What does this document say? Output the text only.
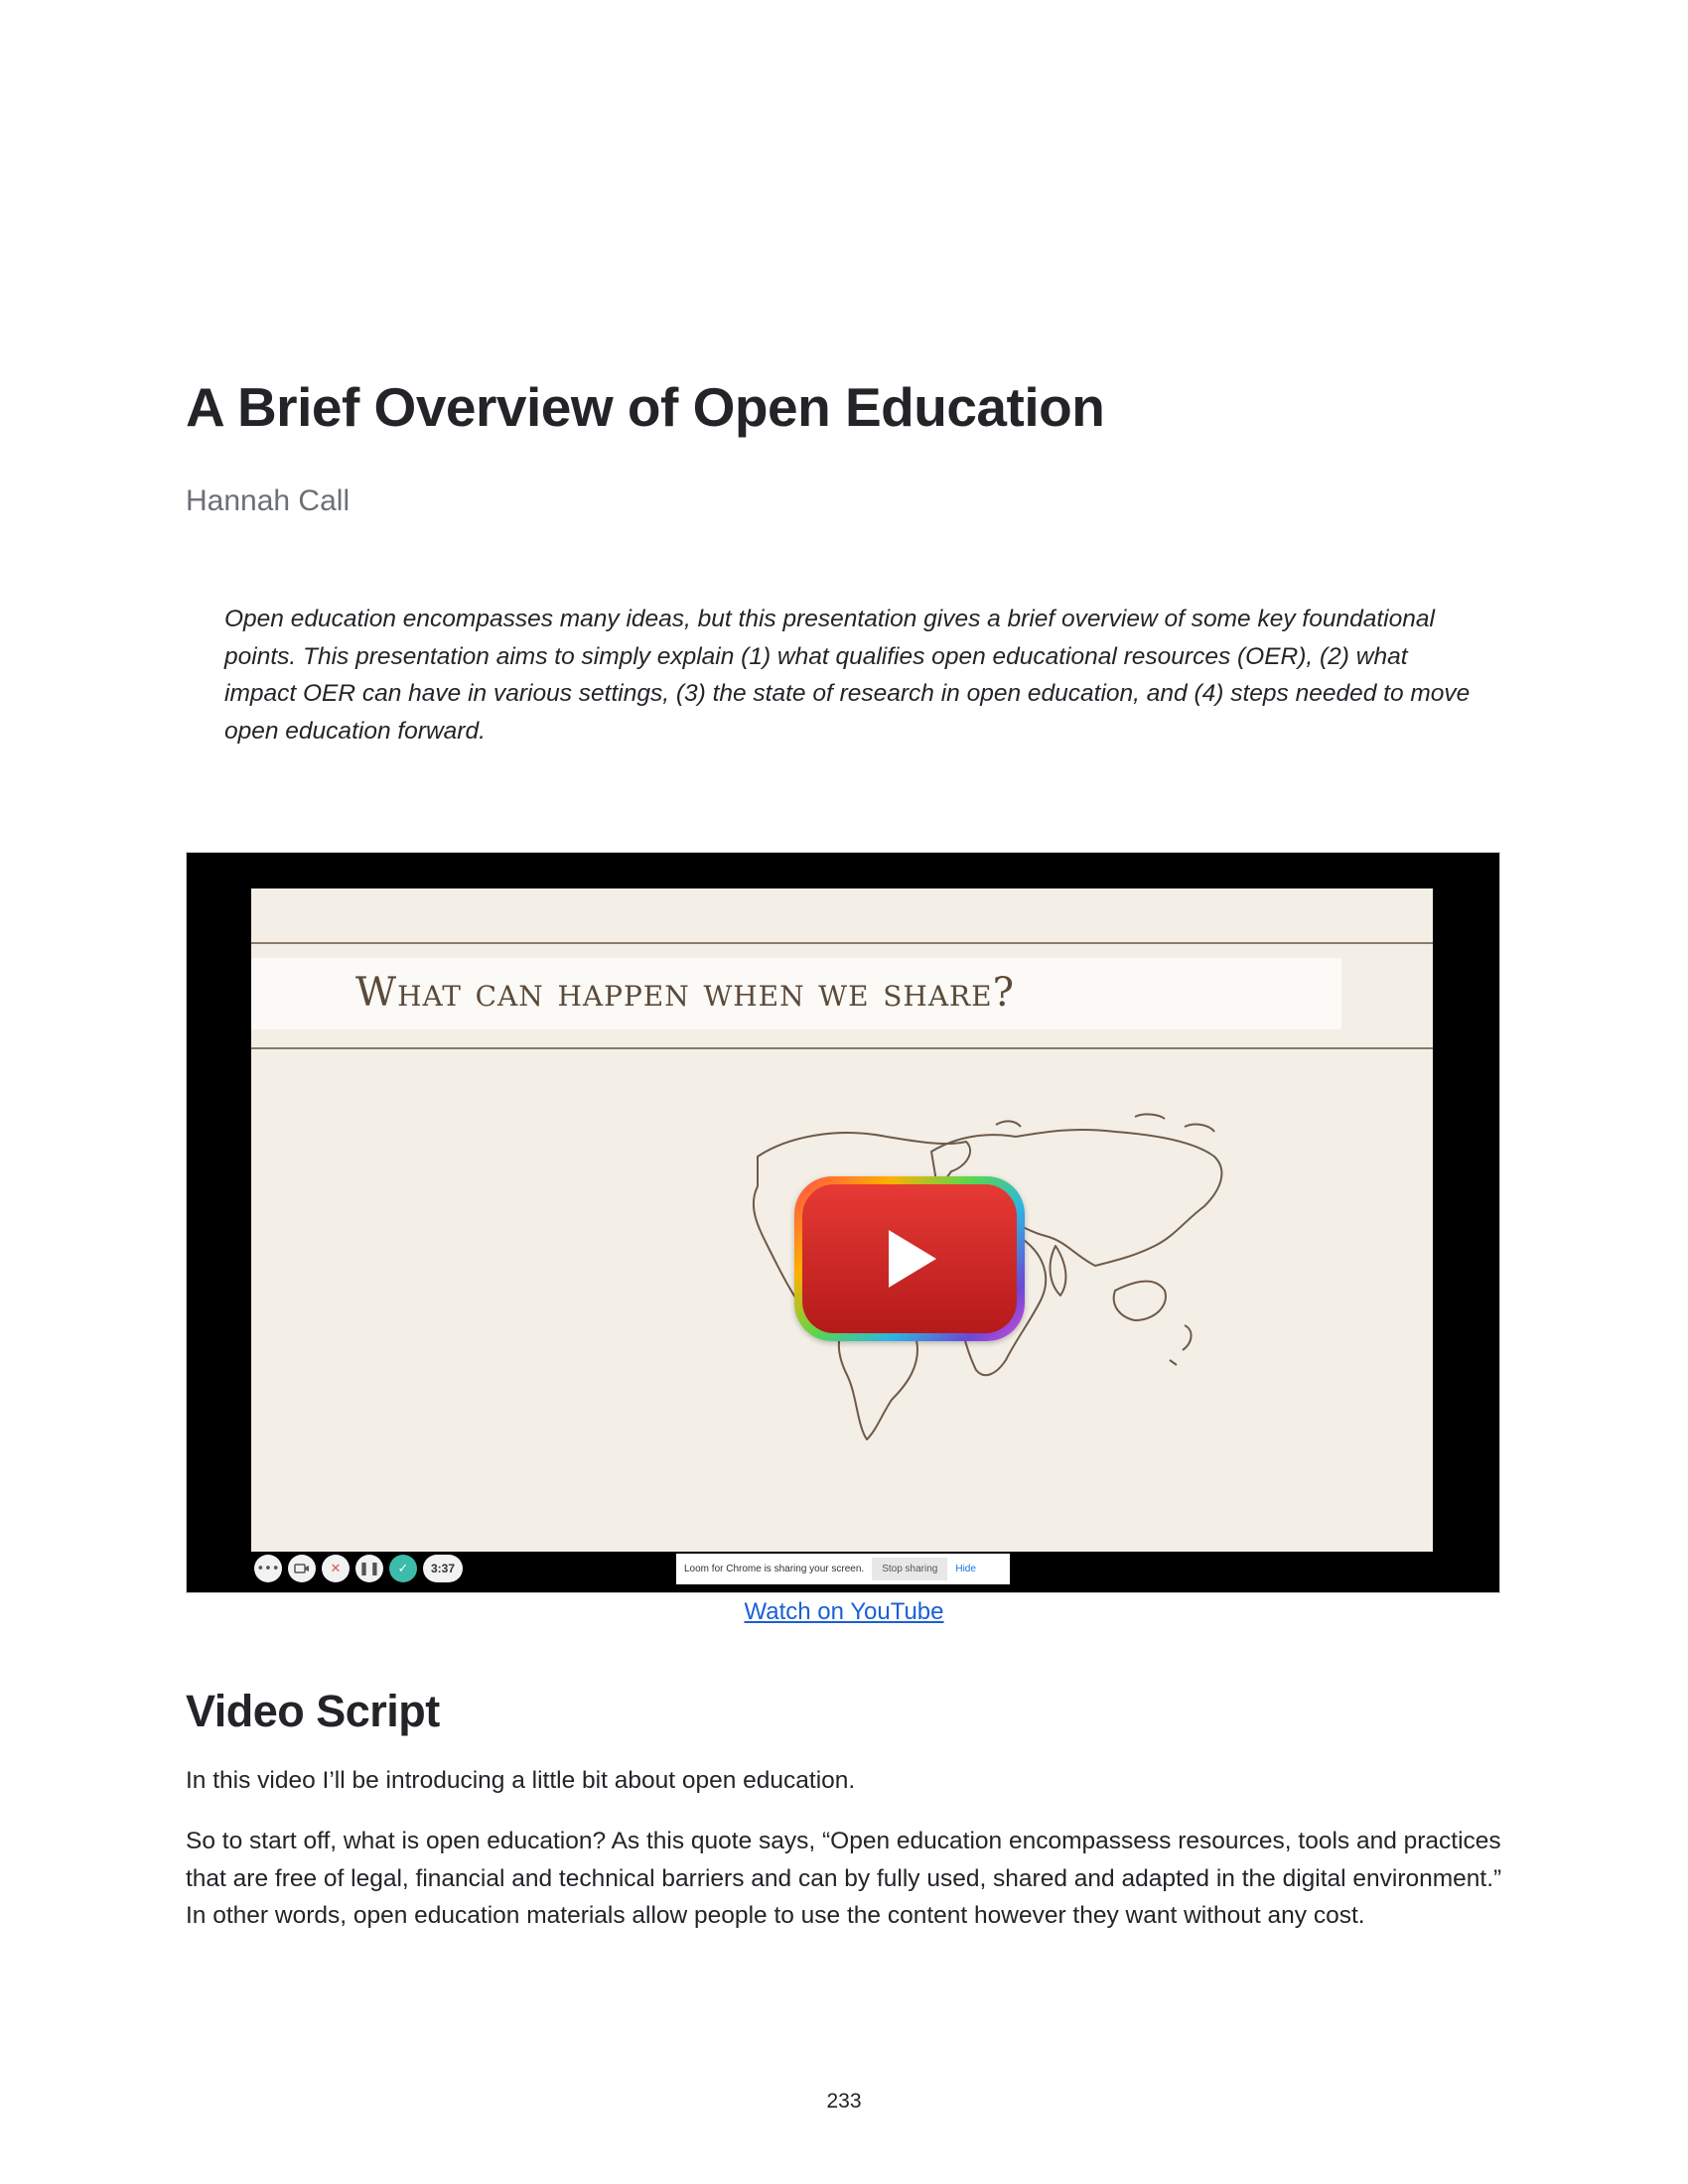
A Brief Overview of Open Education

Hannah Call

Open education encompasses many ideas, but this presentation gives a brief overview of some key foundational points. This presentation aims to simply explain (1) what qualifies open educational resources (OER), (2) what impact OER can have in various settings, (3) the state of research in open education, and (4) steps needed to move open education forward.

What can happen when we share?

•••	✕	❚❚	✓	3:37	Loom for Chrome is sharing your screen.	Stop sharing	Hide
Watch on YouTube
Video Script

In this video I’ll be introducing a little bit about open education.

So to start off, what is open education? As this quote says, “Open education encompassess resources, tools and practices that are free of legal, financial and technical barriers and can by fully used, shared and adapted in the digital environment.” In other words, open education materials allow people to use the content however they want without any cost.

233
